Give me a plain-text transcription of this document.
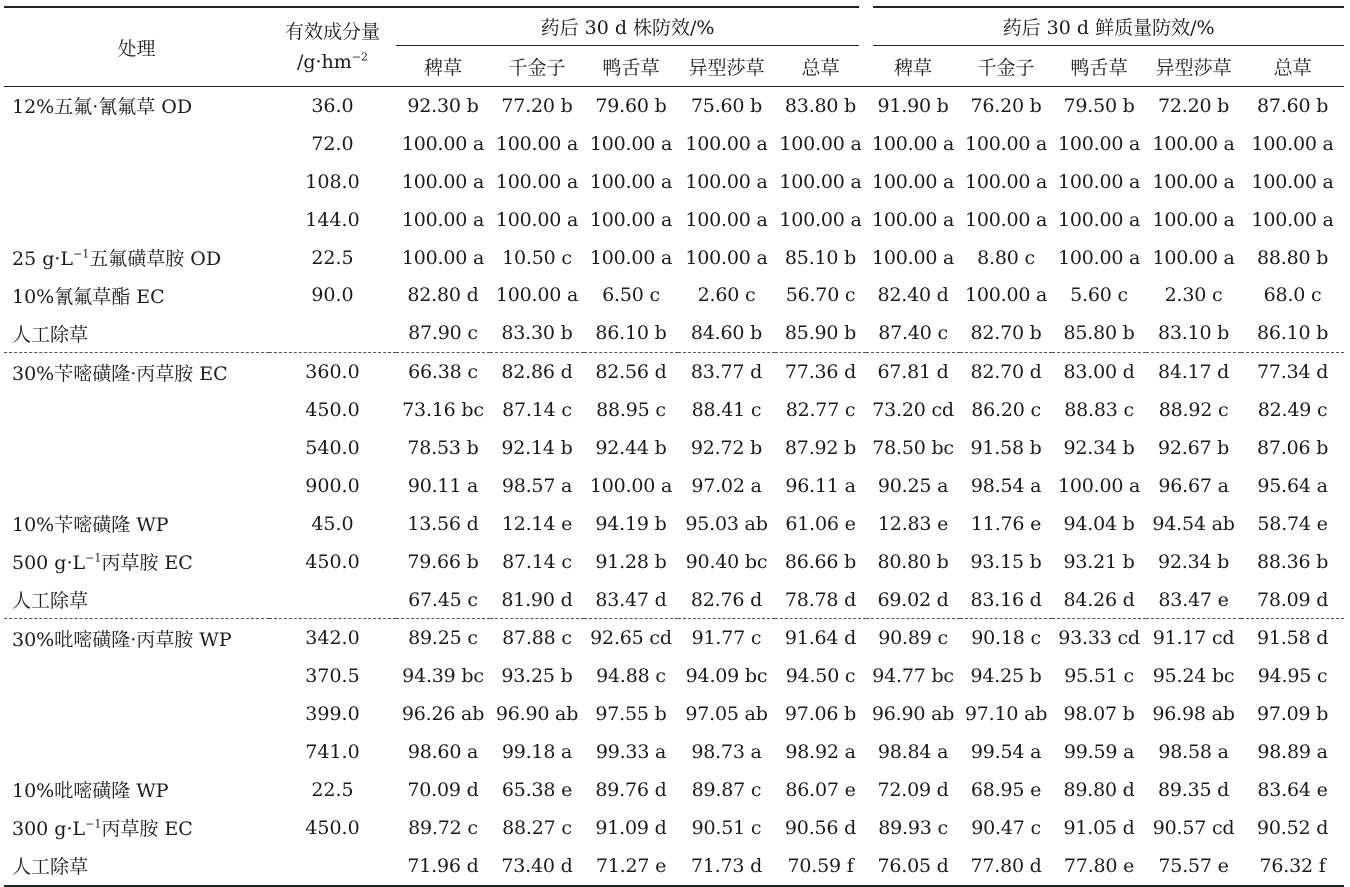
处理	有效成分量
$/g\cdot hm^{-2}$	药后 30 d 株防效/%					药后 30 d 鲜质量防效/%				
		稗草	千金子	鸭舌草	异型莎草	总草	稗草	千金子	鸭舌草	异型莎草	总草
12%五氟·氰氟草 OD	36.0	92.30 b	77.20 b	79.60 b	75.60 b	83.80 b	91.90 b	76.20 b	79.50 b	72.20 b	87.60 b
	72.0	100.00 a	100.00 a	100.00 a	100.00 a	100.00 a	100.00 a	100.00 a	100.00 a	100.00 a	100.00 a
	108.0	100.00 a	100.00 a	100.00 a	100.00 a	100.00 a	100.00 a	100.00 a	100.00 a	100.00 a	100.00 a
	144.0	100.00 a	100.00 a	100.00 a	100.00 a	100.00 a	100.00 a	100.00 a	100.00 a	100.00 a	100.00 a
25 $g\cdot L^{-1}$五氟磺草胺 OD	22.5	100.00 a	10.50 c	100.00 a	100.00 a	85.10 b	100.00 a	8.80 c	100.00 a	100.00 a	88.80 b
10%氰氟草酯 EC	90.0	82.80 d	100.00 a	6.50 c	2.60 c	56.70 c	82.40 d	100.00 a	5.60 c	2.30 c	68.0 c
人工除草		87.90 c	83.30 b	86.10 b	84.60 b	85.90 b	87.40 c	82.70 b	85.80 b	83.10 b	86.10 b
30%苄嘧磺隆·丙草胺 EC	360.0	66.38 c	82.86 d	82.56 d	83.77 d	77.36 d	67.81 d	82.70 d	83.00 d	84.17 d	77.34 d
	450.0	73.16 bc	87.14 c	88.95 c	88.41 c	82.77 c	73.20 cd	86.20 c	88.83 c	88.92 c	82.49 c
	540.0	78.53 b	92.14 b	92.44 b	92.72 b	87.92 b	78.50 bc	91.58 b	92.34 b	92.67 b	87.06 b
	900.0	90.11 a	98.57 a	100.00 a	97.02 a	96.11 a	90.25 a	98.54 a	100.00 a	96.67 a	95.64 a
10%苄嘧磺隆 WP	45.0	13.56 d	12.14 e	94.19 b	95.03 ab	61.06 e	12.83 e	11.76 e	94.04 b	94.54 ab	58.74 e
500 $g\cdot L^{-1}$丙草胺 EC	450.0	79.66 b	87.14 c	91.28 b	90.40 bc	86.66 b	80.80 b	93.15 b	93.21 b	92.34 b	88.36 b
人工除草		67.45 c	81.90 d	83.47 d	82.76 d	78.78 d	69.02 d	83.16 d	84.26 d	83.47 e	78.09 d
30%吡嘧磺隆·丙草胺 WP	342.0	89.25 c	87.88 c	92.65 cd	91.77 c	91.64 d	90.89 c	90.18 c	93.33 cd	91.17 cd	91.58 d
	370.5	94.39 bc	93.25 b	94.88 c	94.09 bc	94.50 c	94.77 bc	94.25 b	95.51 c	95.24 bc	94.95 c
	399.0	96.26 ab	96.90 ab	97.55 b	97.05 ab	97.06 b	96.90 ab	97.10 ab	98.07 b	96.98 ab	97.09 b
	741.0	98.60 a	99.18 a	99.33 a	98.73 a	98.92 a	98.84 a	99.54 a	99.59 a	98.58 a	98.89 a
10%吡嘧磺隆 WP	22.5	70.09 d	65.38 e	89.76 d	89.87 c	86.07 e	72.09 d	68.95 e	89.80 d	89.35 d	83.64 e
300 $g\cdot L^{-1}$丙草胺 EC	450.0	89.72 c	88.27 c	91.09 d	90.51 c	90.56 d	89.93 c	90.47 c	91.05 d	90.57 cd	90.52 d
人工除草		71.96 d	73.40 d	71.27 e	71.73 d	70.59 f	76.05 d	77.80 d	77.80 e	75.57 e	76.32 f
